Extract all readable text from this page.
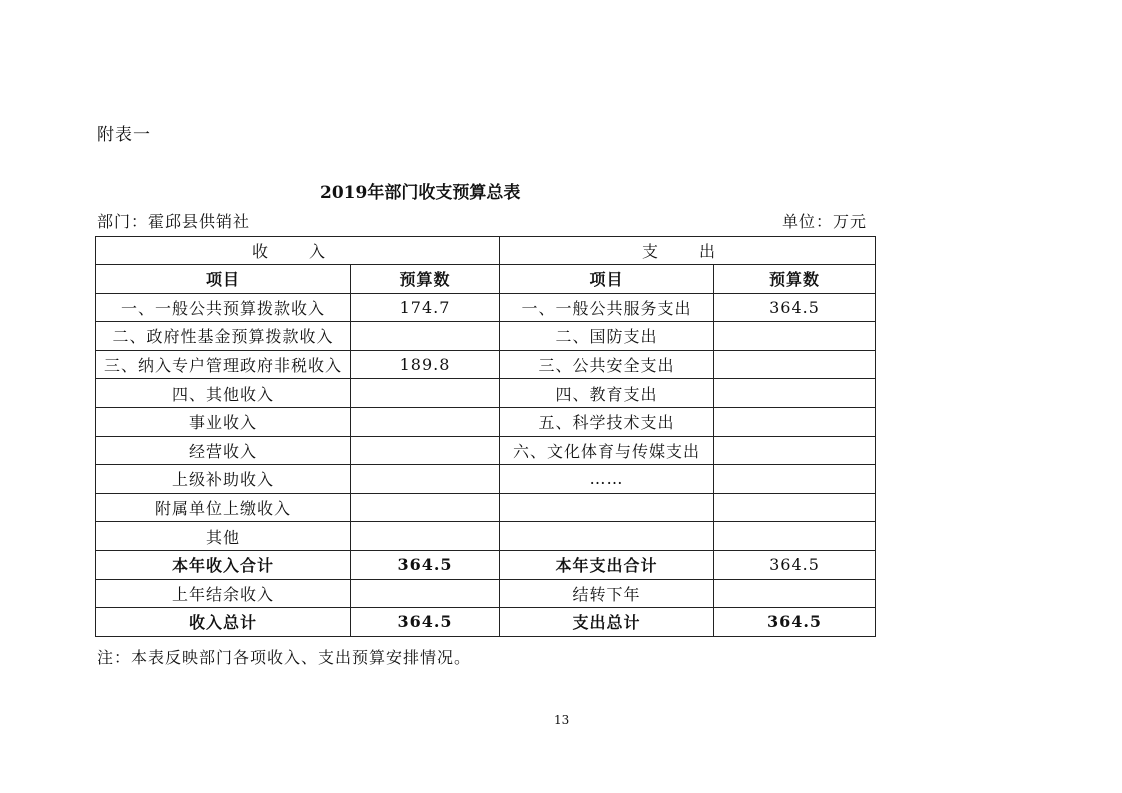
附表一
2019年部门收支预算总表
部门：霍邱县供销社	单位：万元
收 入		支 出	
项目	预算数	项目	预算数
一、一般公共预算拨款收入	174.7	一、一般公共服务支出	364.5
二、政府性基金预算拨款收入		二、国防支出	
三、纳入专户管理政府非税收入	189.8	三、公共安全支出	
四、其他收入		四、教育支出	
事业收入		五、科学技术支出	
经营收入		六、文化体育与传媒支出	
上级补助收入		……	
附属单位上缴收入			
其他			
本年收入合计	364.5	本年支出合计	364.5
上年结余收入		结转下年	
收入总计	364.5	支出总计	364.5
注：本表反映部门各项收入、支出预算安排情况。
13
